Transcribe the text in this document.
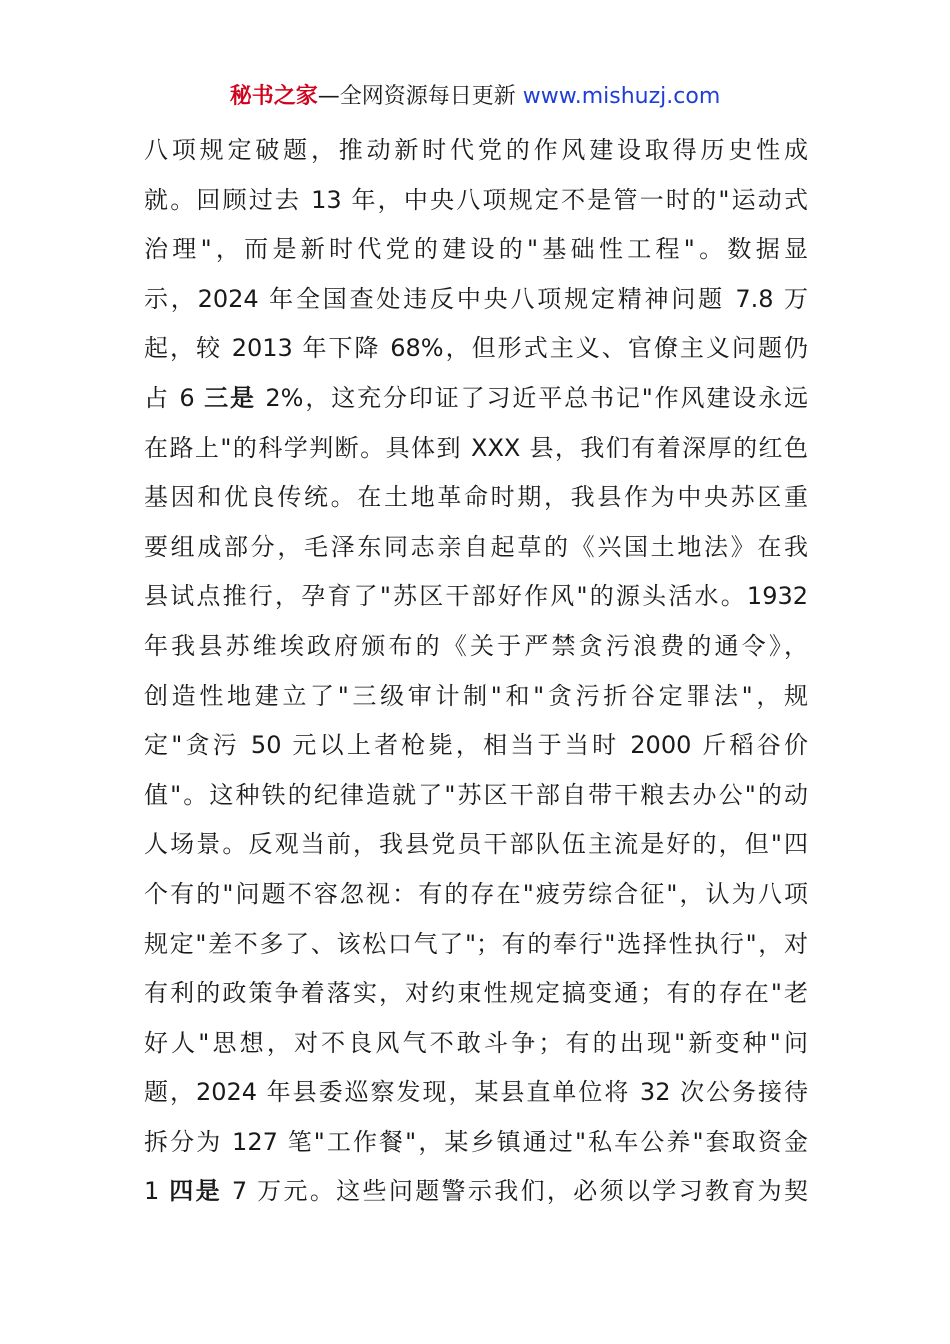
秘书之家—全网资源每日更新 www.mishuzj.com
八项规定破题，推动新时代党的作风建设取得历史性成
就。回顾过去 13 年，中央八项规定不是管一时的"运动式
治理"，而是新时代党的建设的"基础性工程"。数据显
示，2024 年全国查处违反中央八项规定精神问题 7.8 万
起，较 2013 年下降 68%，但形式主义、官僚主义问题仍
占 6 三是 2%，这充分印证了习近平总书记"作风建设永远
在路上"的科学判断。具体到 XXX 县，我们有着深厚的红色
基因和优良传统。在土地革命时期，我县作为中央苏区重
要组成部分，毛泽东同志亲自起草的《兴国土地法》在我
县试点推行，孕育了"苏区干部好作风"的源头活水。1932
年我县苏维埃政府颁布的《关于严禁贪污浪费的通令》，
创造性地建立了"三级审计制"和"贪污折谷定罪法"，规
定"贪污 50 元以上者枪毙，相当于当时 2000 斤稻谷价
值"。这种铁的纪律造就了"苏区干部自带干粮去办公"的动
人场景。反观当前，我县党员干部队伍主流是好的，但"四
个有的"问题不容忽视：有的存在"疲劳综合征"，认为八项
规定"差不多了、该松口气了"；有的奉行"选择性执行"，对
有利的政策争着落实，对约束性规定搞变通；有的存在"老
好人"思想，对不良风气不敢斗争；有的出现"新变种"问
题，2024 年县委巡察发现，某县直单位将 32 次公务接待
拆分为 127 笔"工作餐"，某乡镇通过"私车公养"套取资金
1 四是 7 万元。这些问题警示我们，必须以学习教育为契
